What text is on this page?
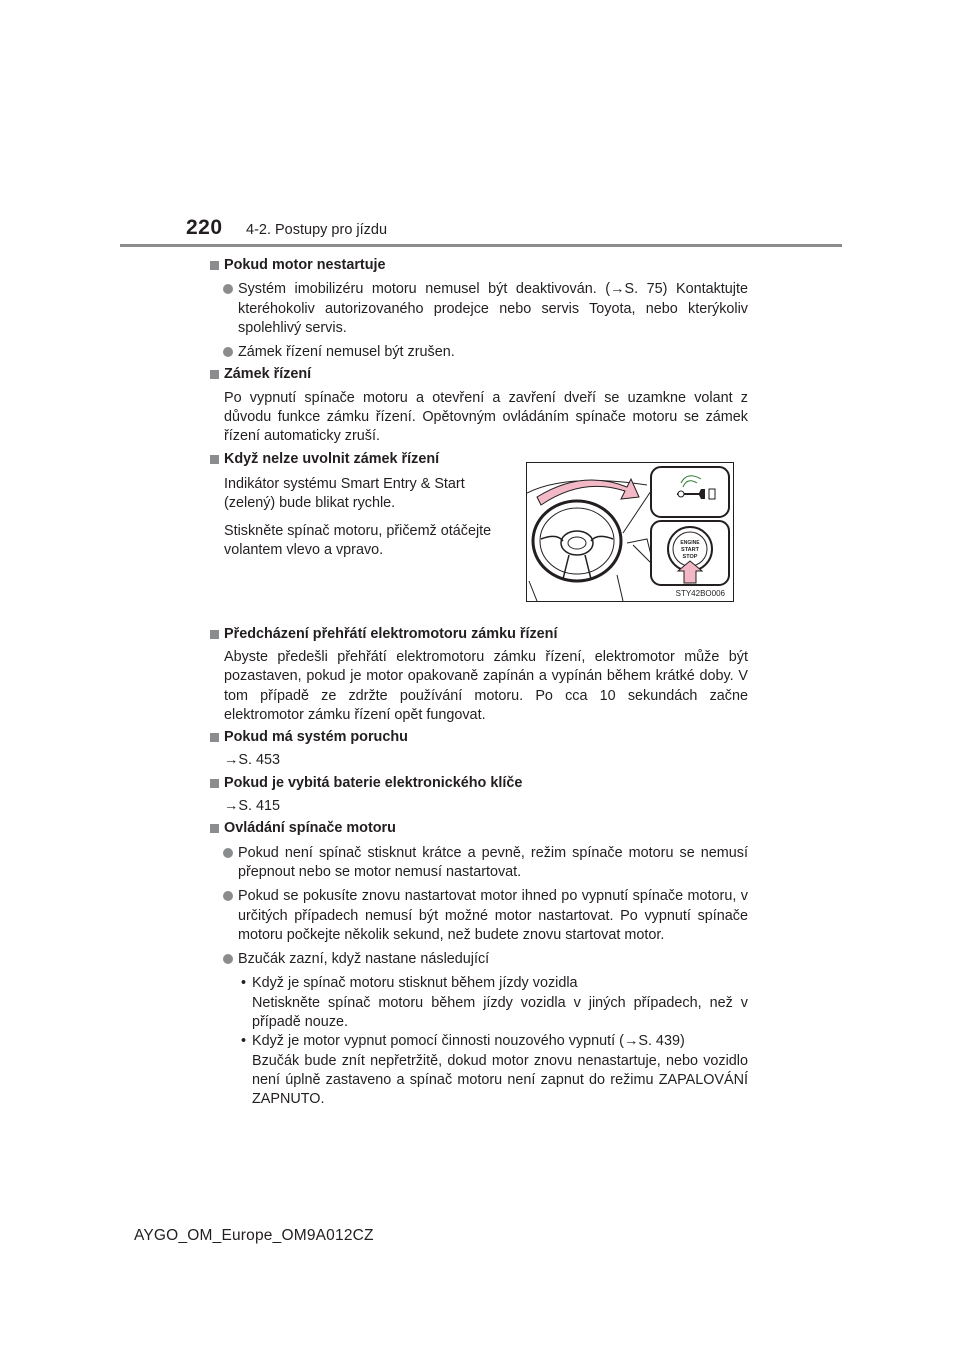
220 4-2. Postupy pro jízdu
Pokud motor nestartuje
Systém imobilizéru motoru nemusel být deaktivován. (→S. 75) Kontaktujte kteréhokoliv autorizovaného prodejce nebo servis Toyota, nebo kterýkoliv spolehlivý servis.
Zámek řízení nemusel být zrušen.
Zámek řízení
Po vypnutí spínače motoru a otevření a zavření dveří se uzamkne volant z důvodu funkce zámku řízení. Opětovným ovládáním spínače motoru se zámek řízení automaticky zruší.
Když nelze uvolnit zámek řízení
Indikátor systému Smart Entry & Start (zelený) bude blikat rychle.
Stiskněte spínač motoru, přičemž otáčejte volantem vlevo a vpravo.
Předcházení přehřátí elektromotoru zámku řízení
Abyste předešli přehřátí elektromotoru zámku řízení, elektromotor může být pozastaven, pokud je motor opakovaně zapínán a vypínán během krátké doby. V tom případě ze zdržte používání motoru. Po cca 10 sekundách začne elektromotor zámku řízení opět fungovat.
Pokud má systém poruchu
→S. 453
Pokud je vybitá baterie elektronického klíče
→S. 415
Ovládání spínače motoru
Pokud není spínač stisknut krátce a pevně, režim spínače motoru se nemusí přepnout nebo se motor nemusí nastartovat.
Pokud se pokusíte znovu nastartovat motor ihned po vypnutí spínače motoru, v určitých případech nemusí být možné motor nastartovat. Po vypnutí spínače motoru počkejte několik sekund, než budete znovu startovat motor.
Bzučák zazní, když nastane následující
• Když je spínač motoru stisknut během jízdy vozidla
Netiskněte spínač motoru během jízdy vozidla v jiných případech, než v případě nouze.
• Když je motor vypnut pomocí činnosti nouzového vypnutí (→S. 439)
Bzučák bude znít nepřetržitě, dokud motor znovu nenastartuje, nebo vozidlo není úplně zastaveno a spínač motoru není zapnut do režimu ZAPALOVÁNÍ ZAPNUTO.
ENGINE
START
STOP
STY42BO006
AYGO_OM_Europe_OM9A012CZ
